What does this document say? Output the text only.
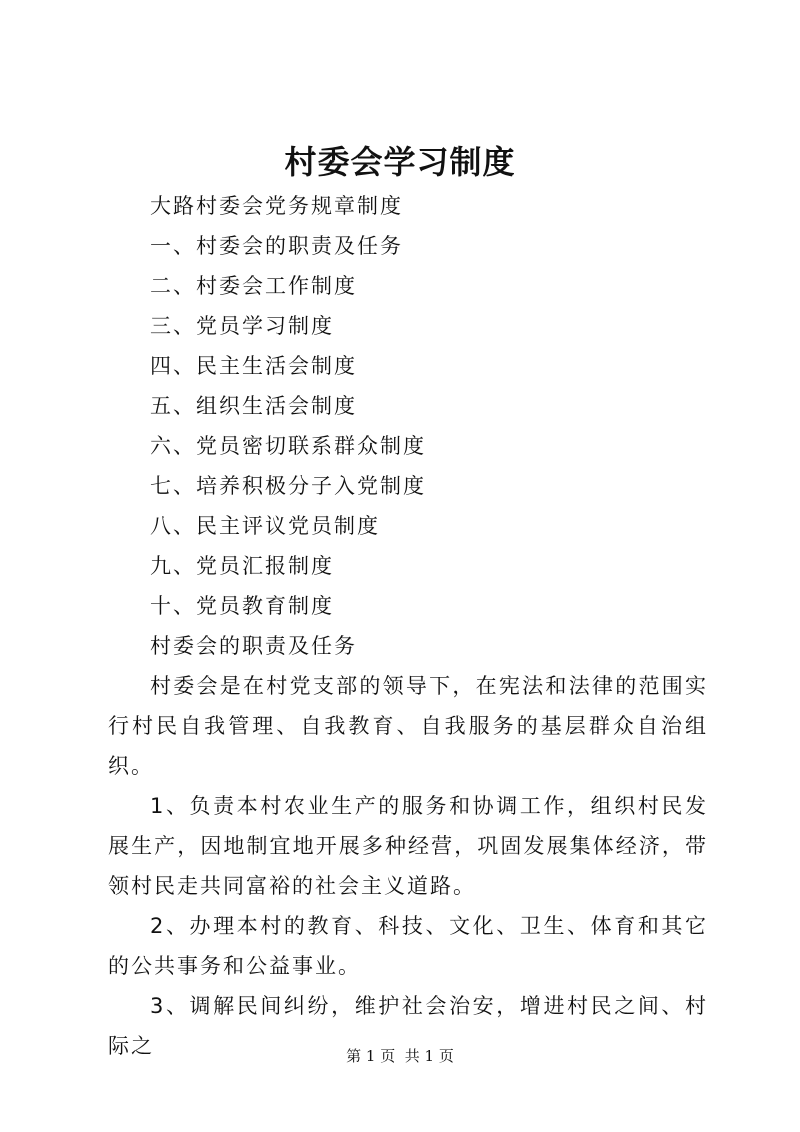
村委会学习制度

大路村委会党务规章制度

一、村委会的职责及任务

二、村委会工作制度

三、党员学习制度

四、民主生活会制度

五、组织生活会制度

六、党员密切联系群众制度

七、培养积极分子入党制度

八、民主评议党员制度

九、党员汇报制度

十、党员教育制度

村委会的职责及任务

村委会是在村党支部的领导下，在宪法和法律的范围实行村民自我管理、自我教育、自我服务的基层群众自治组织。

1、负责本村农业生产的服务和协调工作，组织村民发展生产，因地制宜地开展多种经营，巩固发展集体经济，带领村民走共同富裕的社会主义道路。

2、办理本村的教育、科技、文化、卫生、体育和其它的公共事务和公益事业。

3、调解民间纠纷，维护社会治安，增进村民之间、村际之	第 1 页 共 1 页
